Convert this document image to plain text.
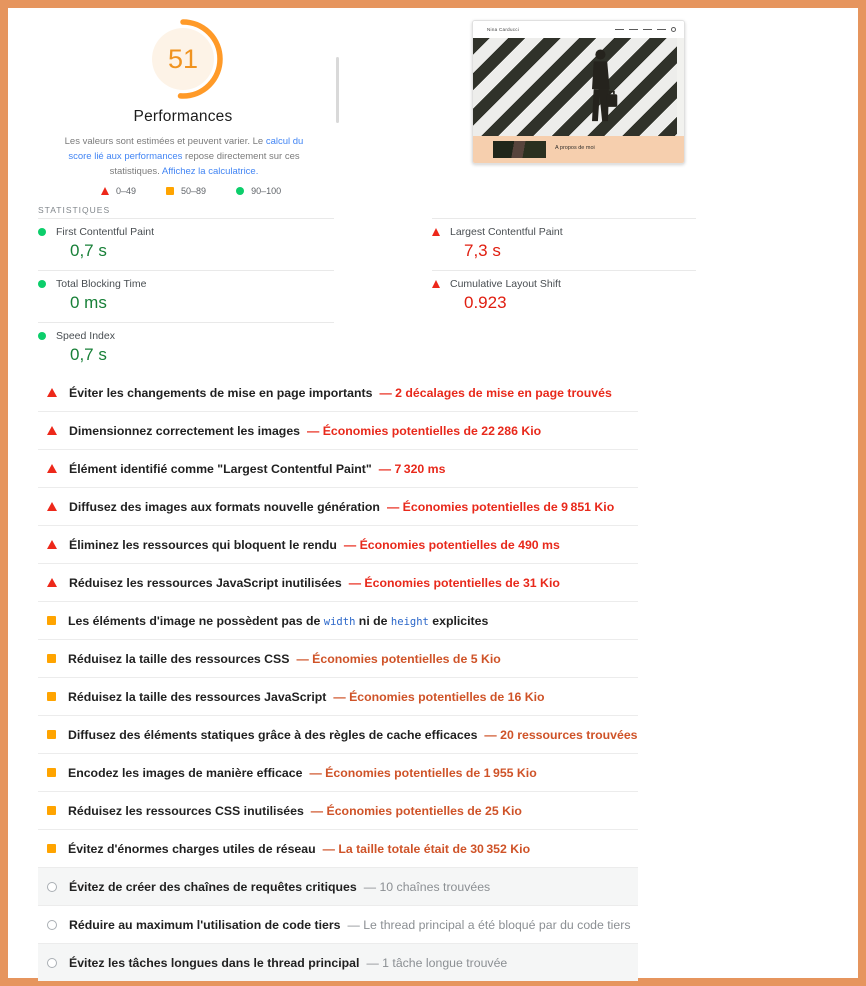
51
Performances
Les valeurs sont estimées et peuvent varier. Le calcul du score lié aux performances repose directement sur ces statistiques. Affichez la calculatrice.
0–49	50–89	90–100
Nina Carducci
A propos de moi
STATISTIQUES
First Contentful Paint
0,7 s
Total Blocking Time
0 ms
Speed Index
0,7 s
Largest Contentful Paint
7,3 s
Cumulative Layout Shift
0.923
Éviter les changements de mise en page importants — 2 décalages de mise en page trouvés
Dimensionnez correctement les images — Économies potentielles de 22 286 Kio
Élément identifié comme "Largest Contentful Paint" — 7 320 ms
Diffusez des images aux formats nouvelle génération — Économies potentielles de 9 851 Kio
Éliminez les ressources qui bloquent le rendu — Économies potentielles de 490 ms
Réduisez les ressources JavaScript inutilisées — Économies potentielles de 31 Kio
Les éléments d'image ne possèdent pas de width ni de height explicites
Réduisez la taille des ressources CSS — Économies potentielles de 5 Kio
Réduisez la taille des ressources JavaScript — Économies potentielles de 16 Kio
Diffusez des éléments statiques grâce à des règles de cache efficaces — 20 ressources trouvées
Encodez les images de manière efficace — Économies potentielles de 1 955 Kio
Réduisez les ressources CSS inutilisées — Économies potentielles de 25 Kio
Évitez d'énormes charges utiles de réseau — La taille totale était de 30 352 Kio
Évitez de créer des chaînes de requêtes critiques — 10 chaînes trouvées
Réduire au maximum l'utilisation de code tiers — Le thread principal a été bloqué par du code tiers
Évitez les tâches longues dans le thread principal — 1 tâche longue trouvée
